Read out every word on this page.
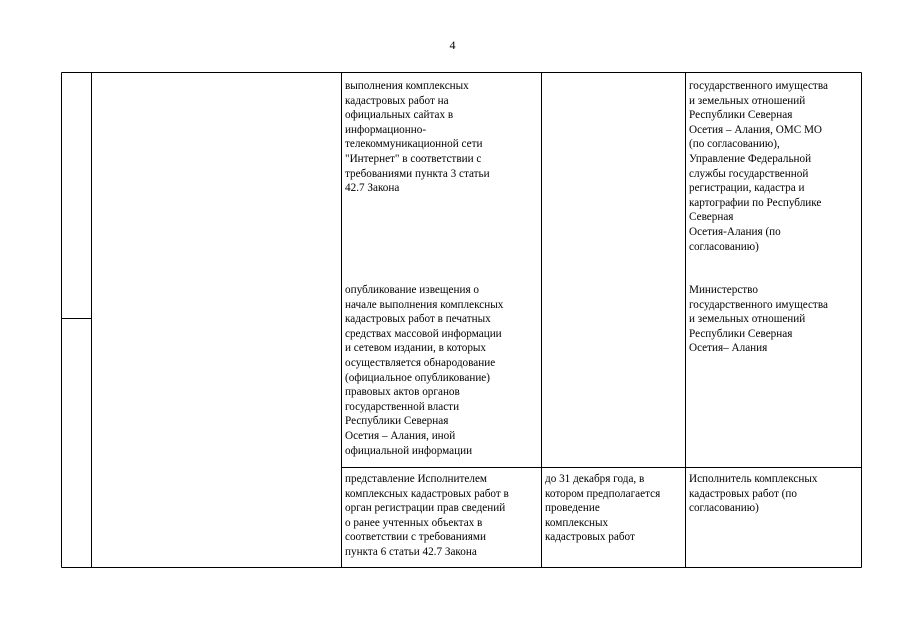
4
выполнения комплексных
кадастровых работ на
официальных сайтах в
информационно-
телекоммуникационной сети
"Интернет" в соответствии с
требованиями пункта 3 статьи
42.7 Закона
государственного имущества
и земельных отношений
Республики Северная
Осетия – Алания, ОМС МО
(по согласованию),
Управление Федеральной
службы государственной
регистрации, кадастра и
картографии по Республике
Северная
Осетия-Алания (по
согласованию)
опубликование извещения о
начале выполнения комплексных
кадастровых работ в печатных
средствах массовой информации
и сетевом издании, в которых
осуществляется обнародование
(официальное опубликование)
правовых актов органов
государственной власти
Республики Северная
Осетия – Алания, иной
официальной информации
Министерство
государственного имущества
и земельных отношений
Республики Северная
Осетия– Алания
представление Исполнителем
комплексных кадастровых работ в
орган регистрации прав сведений
о ранее учтенных объектах в
соответствии с требованиями
пункта 6 статьи 42.7 Закона
до 31 декабря года, в
котором предполагается
проведение
комплексных
кадастровых работ
Исполнитель комплексных
кадастровых работ (по
согласованию)
